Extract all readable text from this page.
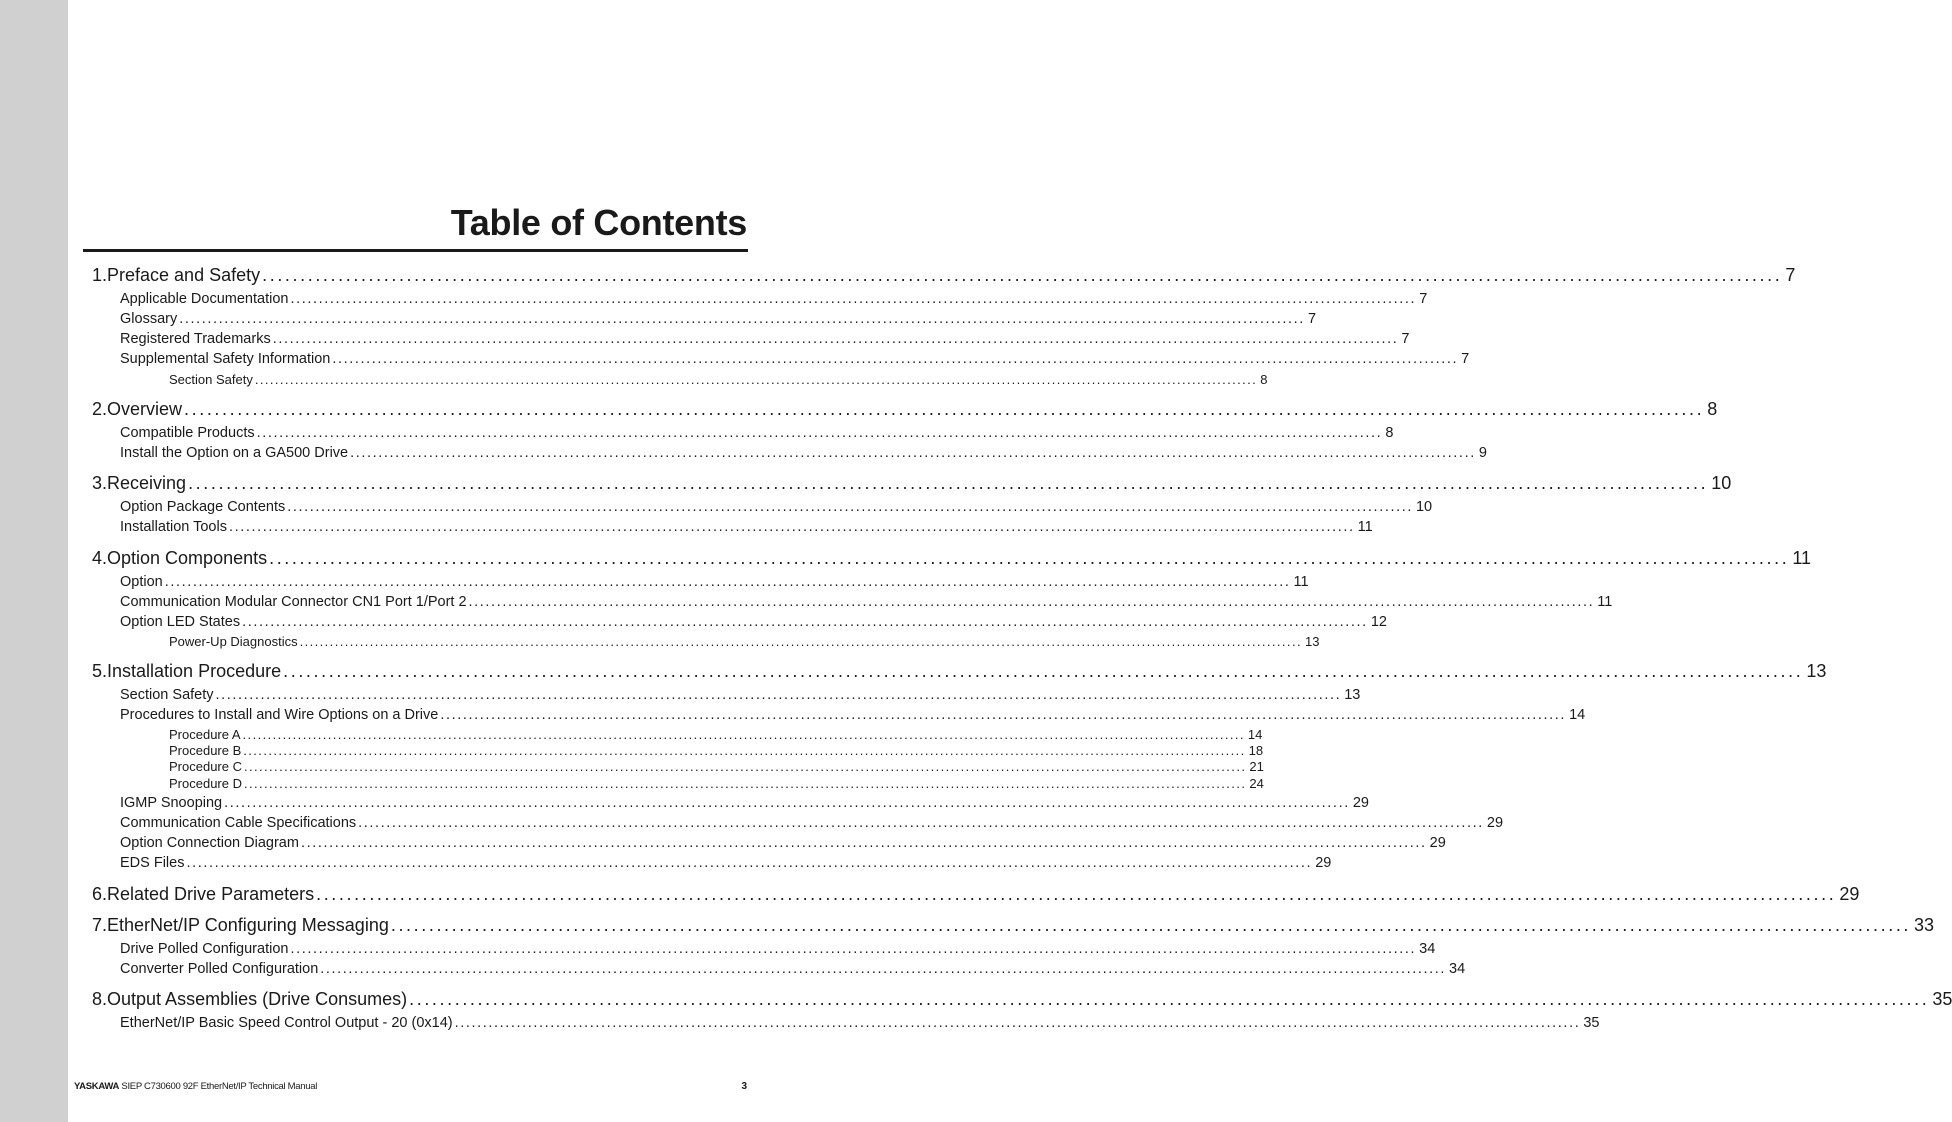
Table of Contents
1. Preface and Safety ........................................................................................................................................................................................................ 7
Applicable Documentation ........................................................................................................................................................................................................ 7
Glossary ........................................................................................................................................................................................................ 7
Registered Trademarks ........................................................................................................................................................................................................ 7
Supplemental Safety Information ........................................................................................................................................................................................................ 7
Section Safety ........................................................................................................................................................................................................ 8
2. Overview ........................................................................................................................................................................................................ 8
Compatible Products ........................................................................................................................................................................................................ 8
Install the Option on a GA500 Drive ........................................................................................................................................................................................................ 9
3. Receiving ........................................................................................................................................................................................................ 10
Option Package Contents ........................................................................................................................................................................................................ 10
Installation Tools ........................................................................................................................................................................................................ 11
4. Option Components ........................................................................................................................................................................................................ 11
Option ........................................................................................................................................................................................................ 11
Communication Modular Connector CN1 Port 1/Port 2 ........................................................................................................................................................................................................ 11
Option LED States ........................................................................................................................................................................................................ 12
Power-Up Diagnostics ........................................................................................................................................................................................................ 13
5. Installation Procedure ........................................................................................................................................................................................................ 13
Section Safety ........................................................................................................................................................................................................ 13
Procedures to Install and Wire Options on a Drive ........................................................................................................................................................................................................ 14
Procedure A ........................................................................................................................................................................................................ 14
Procedure B ........................................................................................................................................................................................................ 18
Procedure C ........................................................................................................................................................................................................ 21
Procedure D ........................................................................................................................................................................................................ 24
IGMP Snooping ........................................................................................................................................................................................................ 29
Communication Cable Specifications ........................................................................................................................................................................................................ 29
Option Connection Diagram ........................................................................................................................................................................................................ 29
EDS Files ........................................................................................................................................................................................................ 29
6. Related Drive Parameters ........................................................................................................................................................................................................ 29
7. EtherNet/IP Configuring Messaging ........................................................................................................................................................................................................ 33
Drive Polled Configuration ........................................................................................................................................................................................................ 34
Converter Polled Configuration ........................................................................................................................................................................................................ 34
8. Output Assemblies (Drive Consumes) ........................................................................................................................................................................................................ 35
EtherNet/IP Basic Speed Control Output - 20 (0x14) ........................................................................................................................................................................................................ 35
YASKAWA SIEP C730600 92F EtherNet/IP Technical Manual	3
